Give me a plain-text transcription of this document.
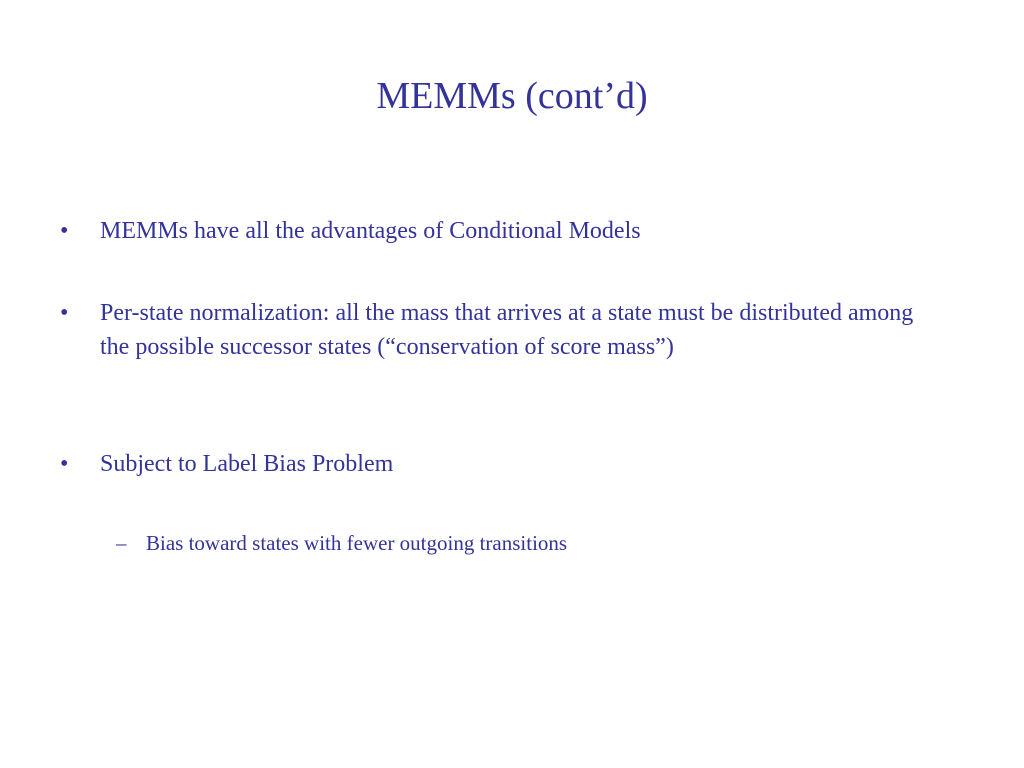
MEMMs (cont’d)
•	MEMMs have all the advantages of Conditional Models
•	Per-state normalization: all the mass that arrives at a state must be distributed among the possible successor states (“conservation of score mass”)
•	Subject to Label Bias Problem
– Bias toward states with fewer outgoing transitions
